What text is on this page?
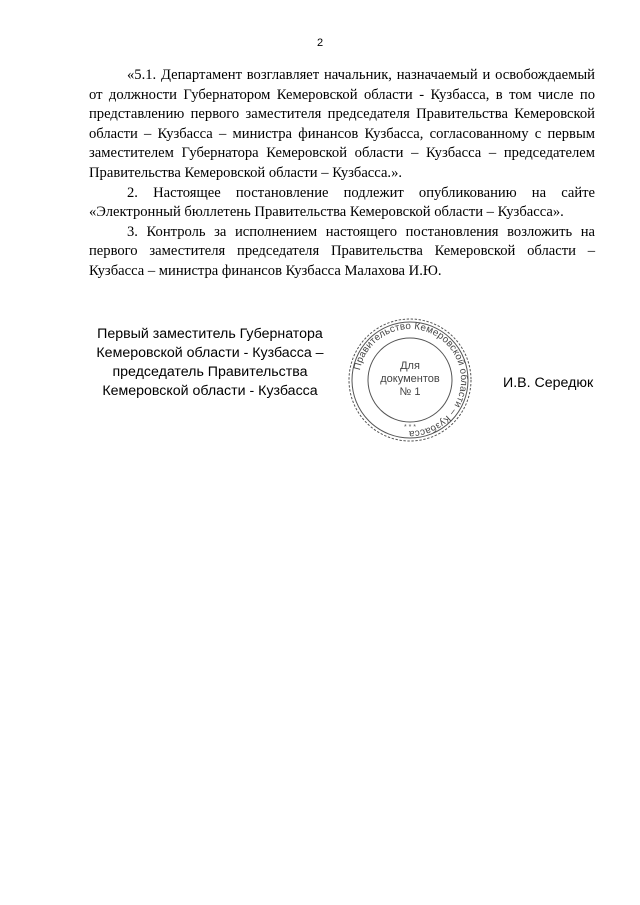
2

«5.1. Департамент возглавляет начальник, назначаемый и освобождаемый от должности Губернатором Кемеровской области - Кузбасса, в том числе по представлению первого заместителя председателя Правительства Кемеровской области – Кузбасса – министра финансов Кузбасса, согласованному с первым заместителем Губернатора Кемеровской области – Кузбасса – председателем Правительства Кемеровской области – Кузбасса.».

2. Настоящее постановление подлежит опубликованию на сайте «Электронный бюллетень Правительства Кемеровской области – Кузбасса».

3. Контроль за исполнением настоящего постановления возложить на первого заместителя председателя Правительства Кемеровской области – Кузбасса – министра финансов Кузбасса Малахова И.Ю.

Первый заместитель Губернатора
Кемеровской области - Кузбасса –
председатель Правительства
Кемеровской области - Кузбасса
Правительство Кемеровской области – Кузбасса
* * *
Для
документов
№ 1
И.В. Середюк
